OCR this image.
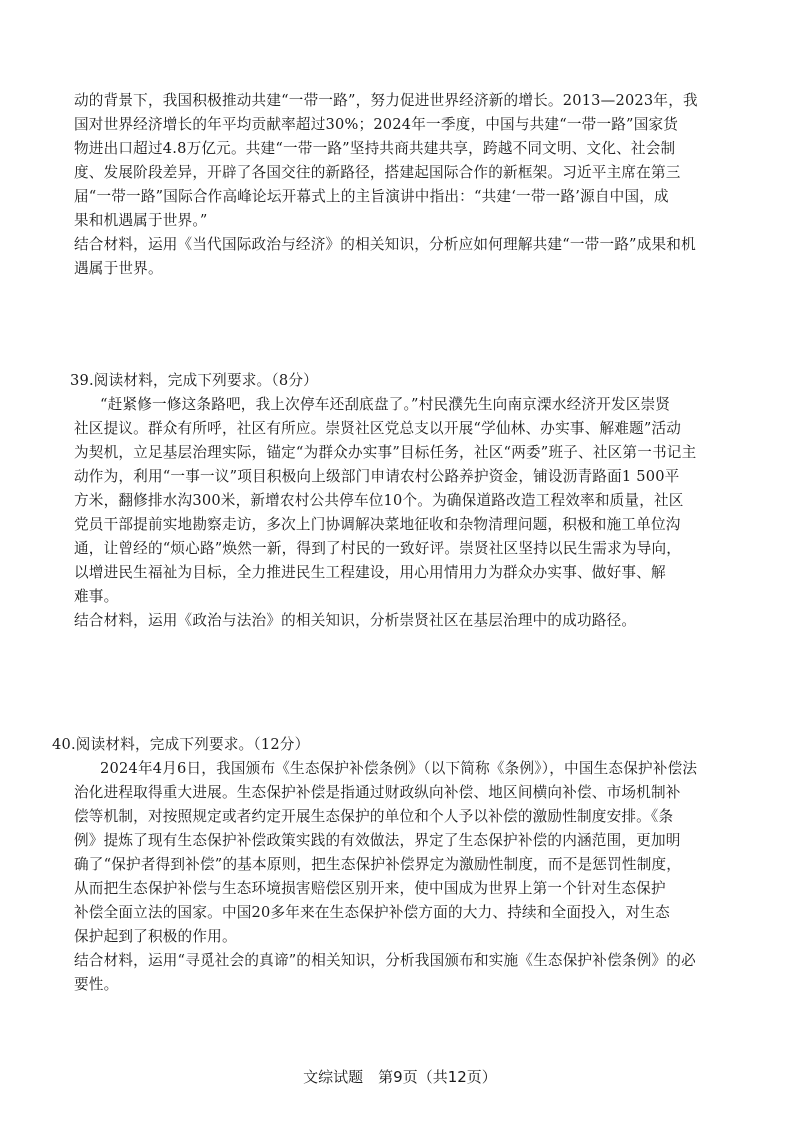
动的背景下，我国积极推动共建“一带一路”，努力促进世界经济新的增长。2013—2023年，我
国对世界经济增长的年平均贡献率超过30%；2024年一季度，中国与共建“一带一路”国家货
物进出口超过4.8万亿元。共建“一带一路”坚持共商共建共享，跨越不同文明、文化、社会制
度、发展阶段差异，开辟了各国交往的新路径，搭建起国际合作的新框架。习近平主席在第三
届“一带一路”国际合作高峰论坛开幕式上的主旨演讲中指出：“共建‘一带一路’源自中国，成
果和机遇属于世界。”
结合材料，运用《当代国际政治与经济》的相关知识，分析应如何理解共建“一带一路”成果和机
遇属于世界。
39.阅读材料，完成下列要求。（8分）
“赶紧修一修这条路吧，我上次停车还刮底盘了。”村民濮先生向南京溧水经济开发区崇贤
社区提议。群众有所呼，社区有所应。崇贤社区党总支以开展“学仙林、办实事、解难题”活动
为契机，立足基层治理实际，锚定“为群众办实事”目标任务，社区“两委”班子、社区第一书记主
动作为，利用“一事一议”项目积极向上级部门申请农村公路养护资金，铺设沥青路面1 500平
方米，翻修排水沟300米，新增农村公共停车位10个。为确保道路改造工程效率和质量，社区
党员干部提前实地勘察走访，多次上门协调解决菜地征收和杂物清理问题，积极和施工单位沟
通，让曾经的“烦心路”焕然一新，得到了村民的一致好评。崇贤社区坚持以民生需求为导向，
以增进民生福祉为目标，全力推进民生工程建设，用心用情用力为群众办实事、做好事、解
难事。
结合材料，运用《政治与法治》的相关知识，分析崇贤社区在基层治理中的成功路径。
40.阅读材料，完成下列要求。（12分）
2024年4月6日，我国颁布《生态保护补偿条例》（以下简称《条例》），中国生态保护补偿法
治化进程取得重大进展。生态保护补偿是指通过财政纵向补偿、地区间横向补偿、市场机制补
偿等机制，对按照规定或者约定开展生态保护的单位和个人予以补偿的激励性制度安排。《条
例》提炼了现有生态保护补偿政策实践的有效做法，界定了生态保护补偿的内涵范围，更加明
确了“保护者得到补偿”的基本原则，把生态保护补偿界定为激励性制度，而不是惩罚性制度，
从而把生态保护补偿与生态环境损害赔偿区别开来，使中国成为世界上第一个针对生态保护
补偿全面立法的国家。中国20多年来在生态保护补偿方面的大力、持续和全面投入，对生态
保护起到了积极的作用。
结合材料，运用“寻觅社会的真谛”的相关知识，分析我国颁布和实施《生态保护补偿条例》的必
要性。
文综试题　第9页（共12页）
